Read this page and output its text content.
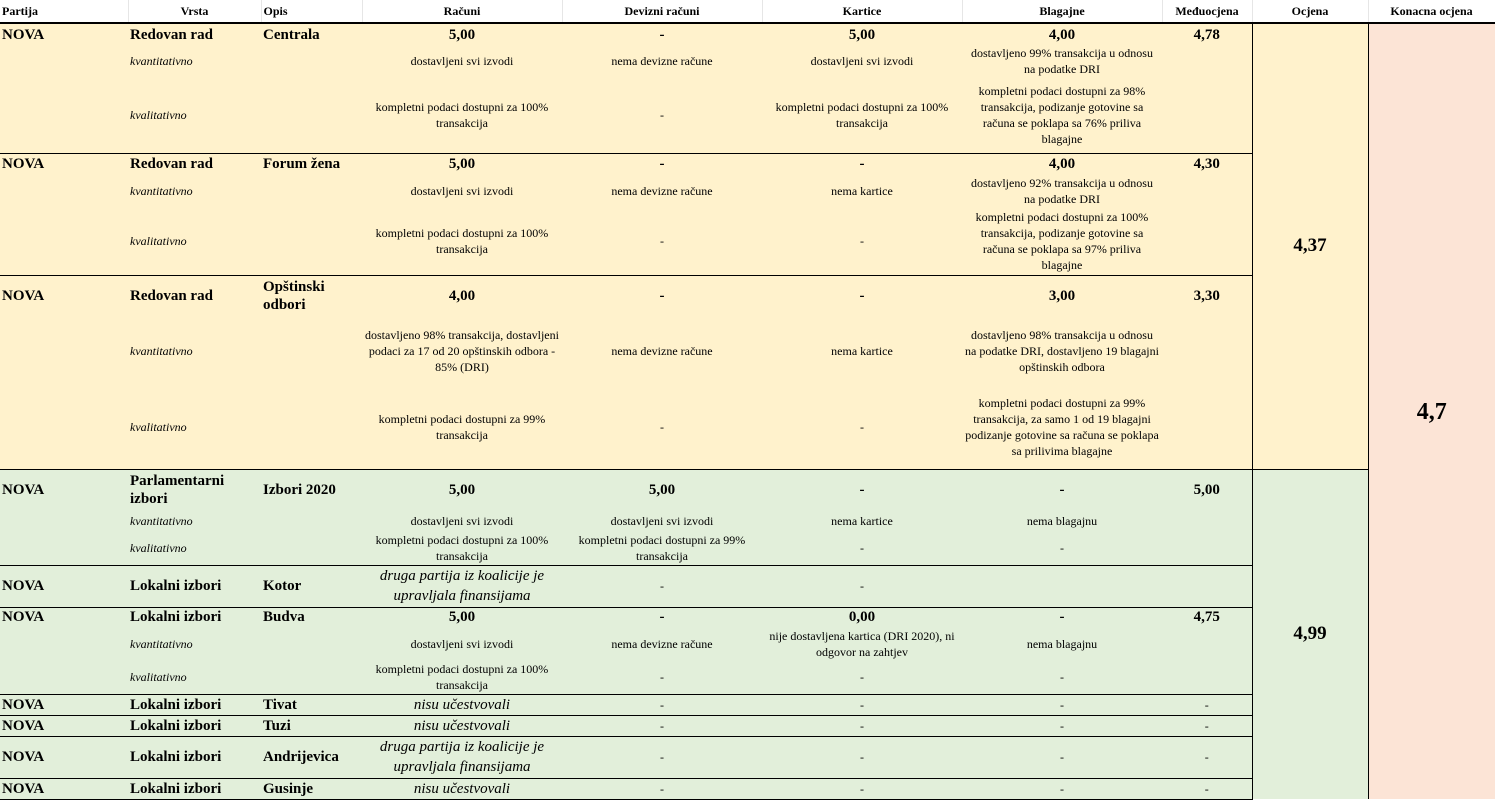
Partija	Vrsta	Opis	Računi	Devizni računi	Kartice	Blagajne	Međuocjena	Ocjena	Konacna ocjena
NOVA	Redovan rad	Centrala	5,00	-	5,00	4,00	4,78	4,37	4,7
	kvantitativno		dostavljeni svi izvodi	nema devizne račune	dostavljeni svi izvodi	dostavljeno 99% transakcija u odnosu na podatke DRI			
	kvalitativno		kompletni podaci dostupni za 100% transakcija	-	kompletni podaci dostupni za 100% transakcija	kompletni podaci dostupni za 98% transakcija, podizanje gotovine sa računa se poklapa sa 76% priliva blagajne			
NOVA	Redovan rad	Forum žena	5,00	-	-	4,00	4,30		
	kvantitativno		dostavljeni svi izvodi	nema devizne račune	nema kartice	dostavljeno 92% transakcija u odnosu na podatke DRI			
	kvalitativno		kompletni podaci dostupni za 100% transakcija	-	-	kompletni podaci dostupni za 100% transakcija, podizanje gotovine sa računa se poklapa sa 97% priliva blagajne			
NOVA	Redovan rad	Opštinski odbori	4,00	-	-	3,00	3,30		
	kvantitativno		dostavljeno 98% transakcija, dostavljeni podaci za 17 od 20 opštinskih odbora - 85% (DRI)	nema devizne račune	nema kartice	dostavljeno 98% transakcija u odnosu na podatke DRI, dostavljeno 19 blagajni opštinskih odbora			
	kvalitativno		kompletni podaci dostupni za 99% transakcija	-	-	kompletni podaci dostupni za 99% transakcija, za samo 1 od 19 blagajni podizanje gotovine sa računa se poklapa sa prilivima blagajne			
NOVA	Parlamentarni izbori	Izbori 2020	5,00	5,00	-	-	5,00	4,99	
	kvantitativno		dostavljeni svi izvodi	dostavljeni svi izvodi	nema kartice	nema blagajnu			
	kvalitativno		kompletni podaci dostupni za 100% transakcija	kompletni podaci dostupni za 99% transakcija	-	-			
NOVA	Lokalni izbori	Kotor	druga partija iz koalicije je upravljala finansijama	-	-				
NOVA	Lokalni izbori	Budva	5,00	-	0,00	-	4,75		
	kvantitativno		dostavljeni svi izvodi	nema devizne račune	nije dostavljena kartica (DRI 2020), ni odgovor na zahtjev	nema blagajnu			
	kvalitativno		kompletni podaci dostupni za 100% transakcija	-	-	-			
NOVA	Lokalni izbori	Tivat	nisu učestvovali	-	-	-	-		
NOVA	Lokalni izbori	Tuzi	nisu učestvovali	-	-	-	-		
NOVA	Lokalni izbori	Andrijevica	druga partija iz koalicije je upravljala finansijama	-	-	-	-		
NOVA	Lokalni izbori	Gusinje	nisu učestvovali	-	-	-	-		
